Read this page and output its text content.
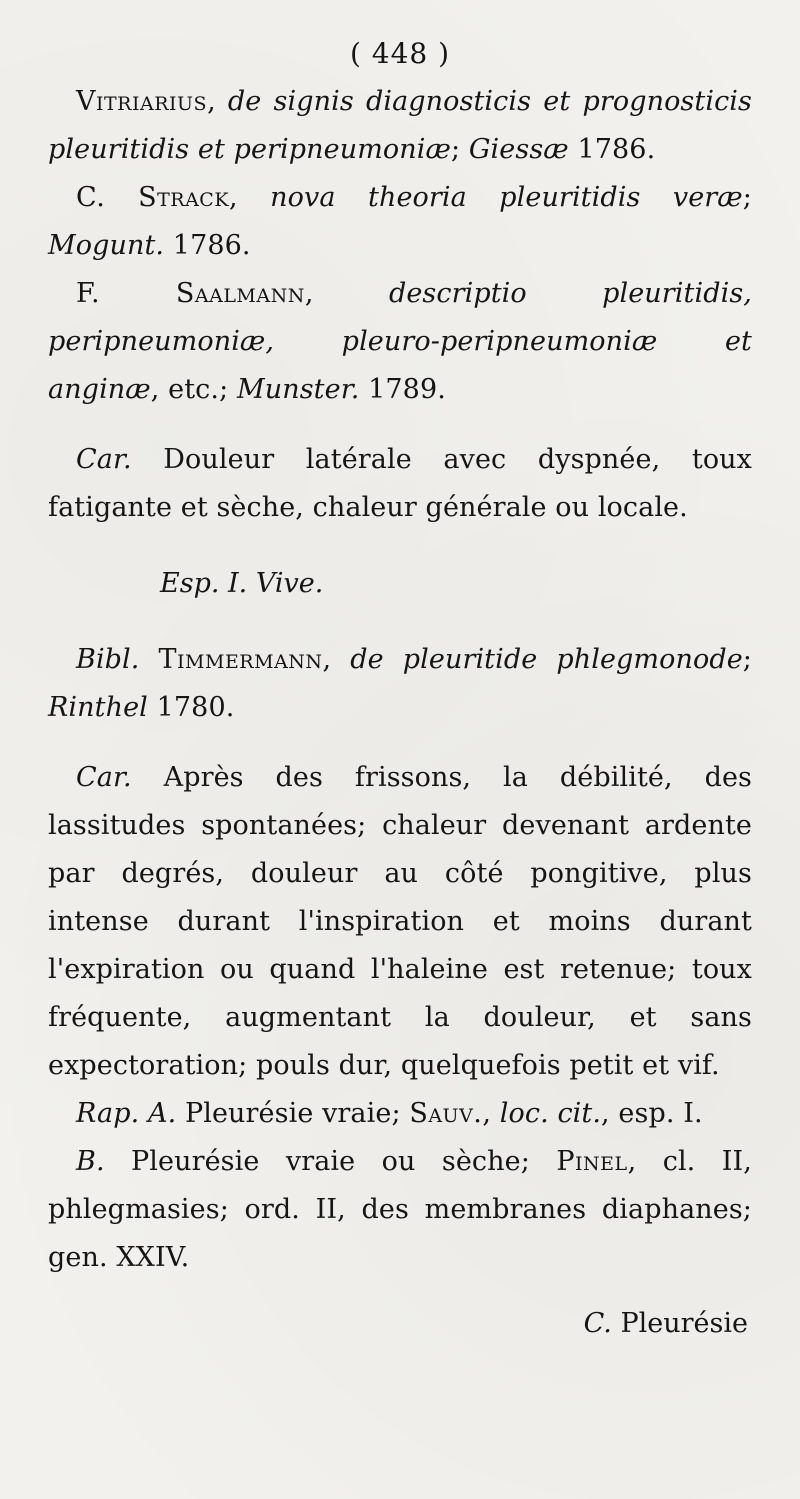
( 448 )

Vitriarius, de signis diagnosticis et prognosticis pleuritidis et peripneumoniæ; Giessæ 1786.

C. Strack, nova theoria pleuritidis veræ; Mogunt. 1786.

F. Saalmann, descriptio pleuritidis, peripneumoniæ, pleuro-peripneumoniæ et anginæ, etc.; Munster. 1789.

Car. Douleur latérale avec dyspnée, toux fatigante et sèche, chaleur générale ou locale.

Esp. I. Vive.

Bibl. Timmermann, de pleuritide phlegmonode; Rinthel 1780.

Car. Après des frissons, la débilité, des lassitudes spontanées; chaleur devenant ardente par degrés, douleur au côté pongitive, plus intense durant l'inspiration et moins durant l'expiration ou quand l'haleine est retenue; toux fréquente, augmentant la douleur, et sans expectoration; pouls dur, quelquefois petit et vif.

Rap. A. Pleurésie vraie; Sauv., loc. cit., esp. I.

B. Pleurésie vraie ou sèche; Pinel, cl. II, phlegmasies; ord. II, des membranes diaphanes; gen. XXIV.

C. Pleurésie
